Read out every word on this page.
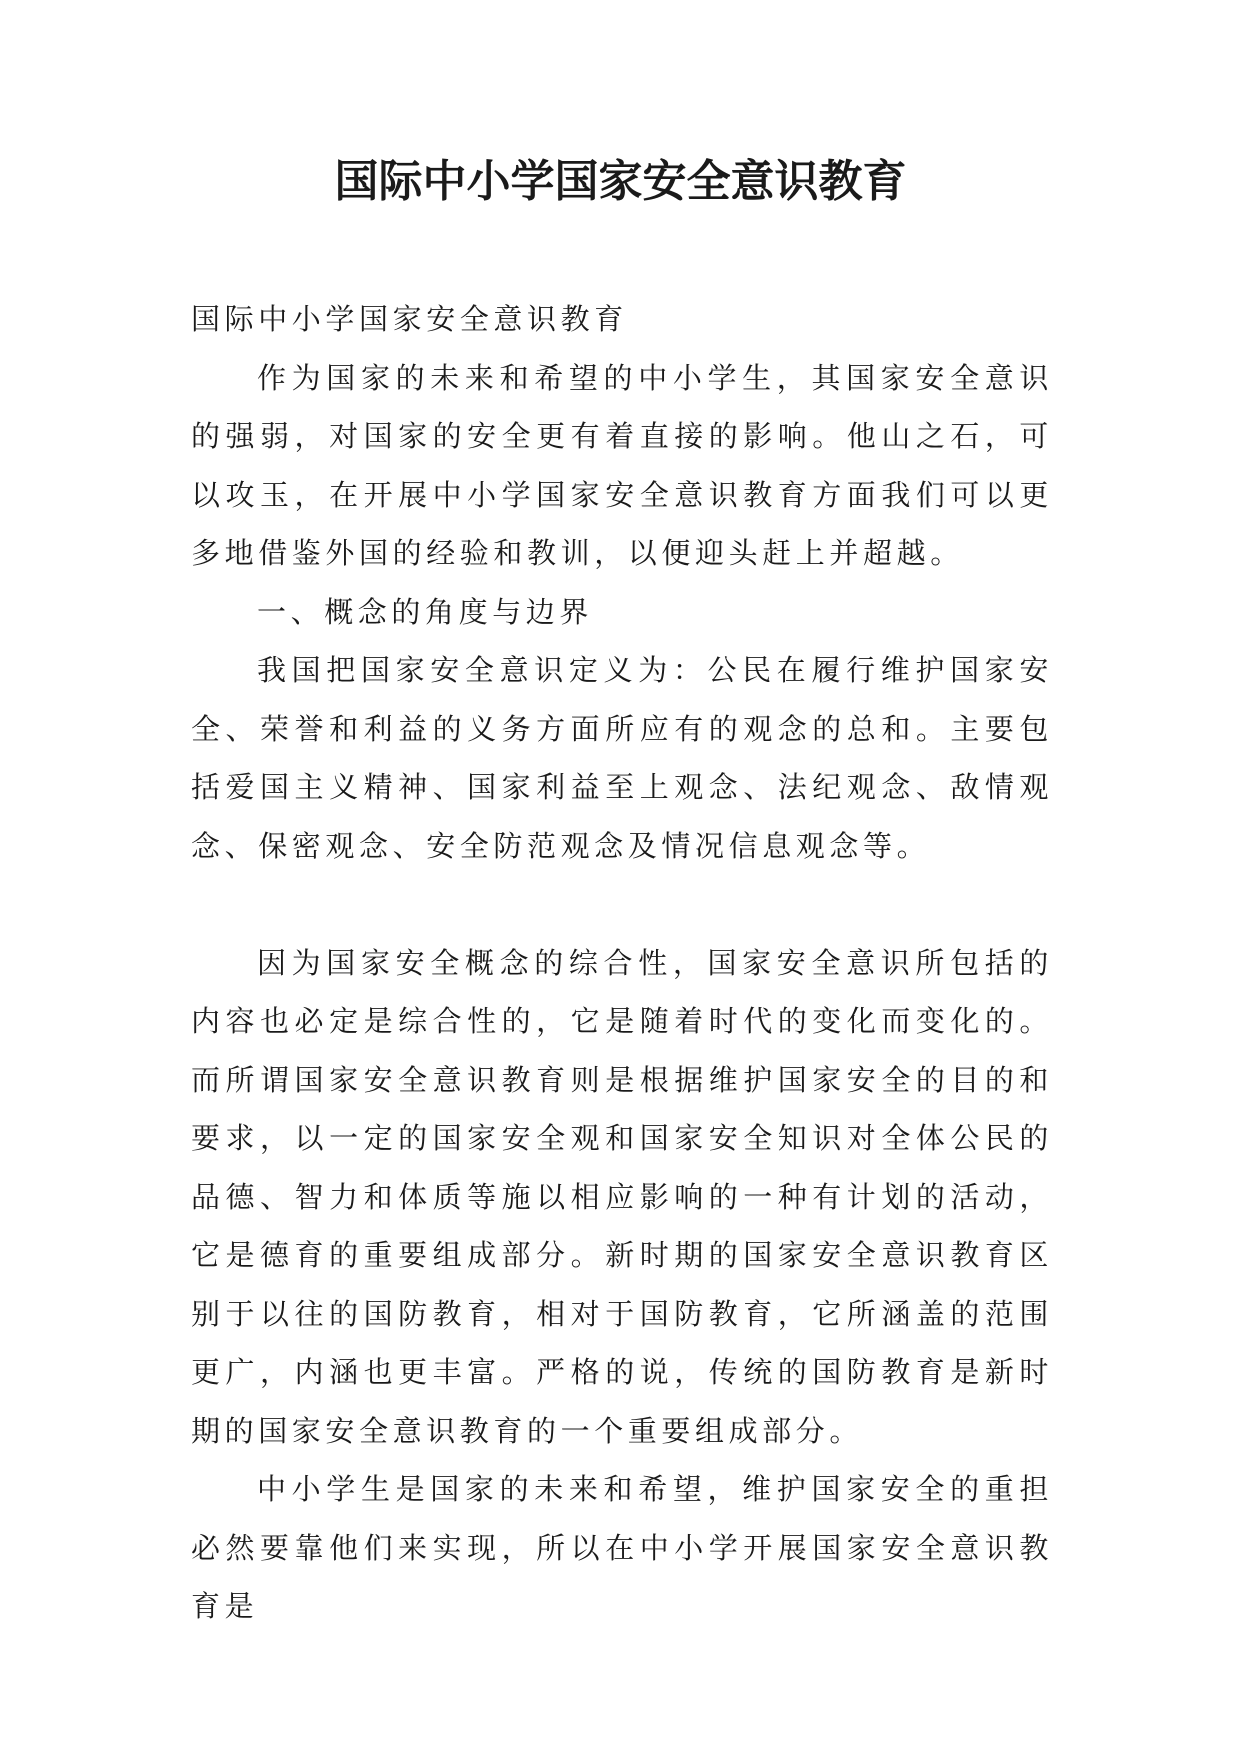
国际中小学国家安全意识教育

国际中小学国家安全意识教育

作为国家的未来和希望的中小学生，其国家安全意识的强弱，对国家的安全更有着直接的影响。他山之石，可以攻玉，在开展中小学国家安全意识教育方面我们可以更多地借鉴外国的经验和教训，以便迎头赶上并超越。

一、概念的角度与边界

我国把国家安全意识定义为：公民在履行维护国家安全、荣誉和利益的义务方面所应有的观念的总和。主要包括爱国主义精神、国家利益至上观念、法纪观念、敌情观念、保密观念、安全防范观念及情况信息观念等。

因为国家安全概念的综合性，国家安全意识所包括的内容也必定是综合性的，它是随着时代的变化而变化的。而所谓国家安全意识教育则是根据维护国家安全的目的和要求，以一定的国家安全观和国家安全知识对全体公民的品德、智力和体质等施以相应影响的一种有计划的活动，它是德育的重要组成部分。新时期的国家安全意识教育区别于以往的国防教育，相对于国防教育，它所涵盖的范围更广，内涵也更丰富。严格的说，传统的国防教育是新时期的国家安全意识教育的一个重要组成部分。

中小学生是国家的未来和希望，维护国家安全的重担必然要靠他们来实现，所以在中小学开展国家安全意识教育是
